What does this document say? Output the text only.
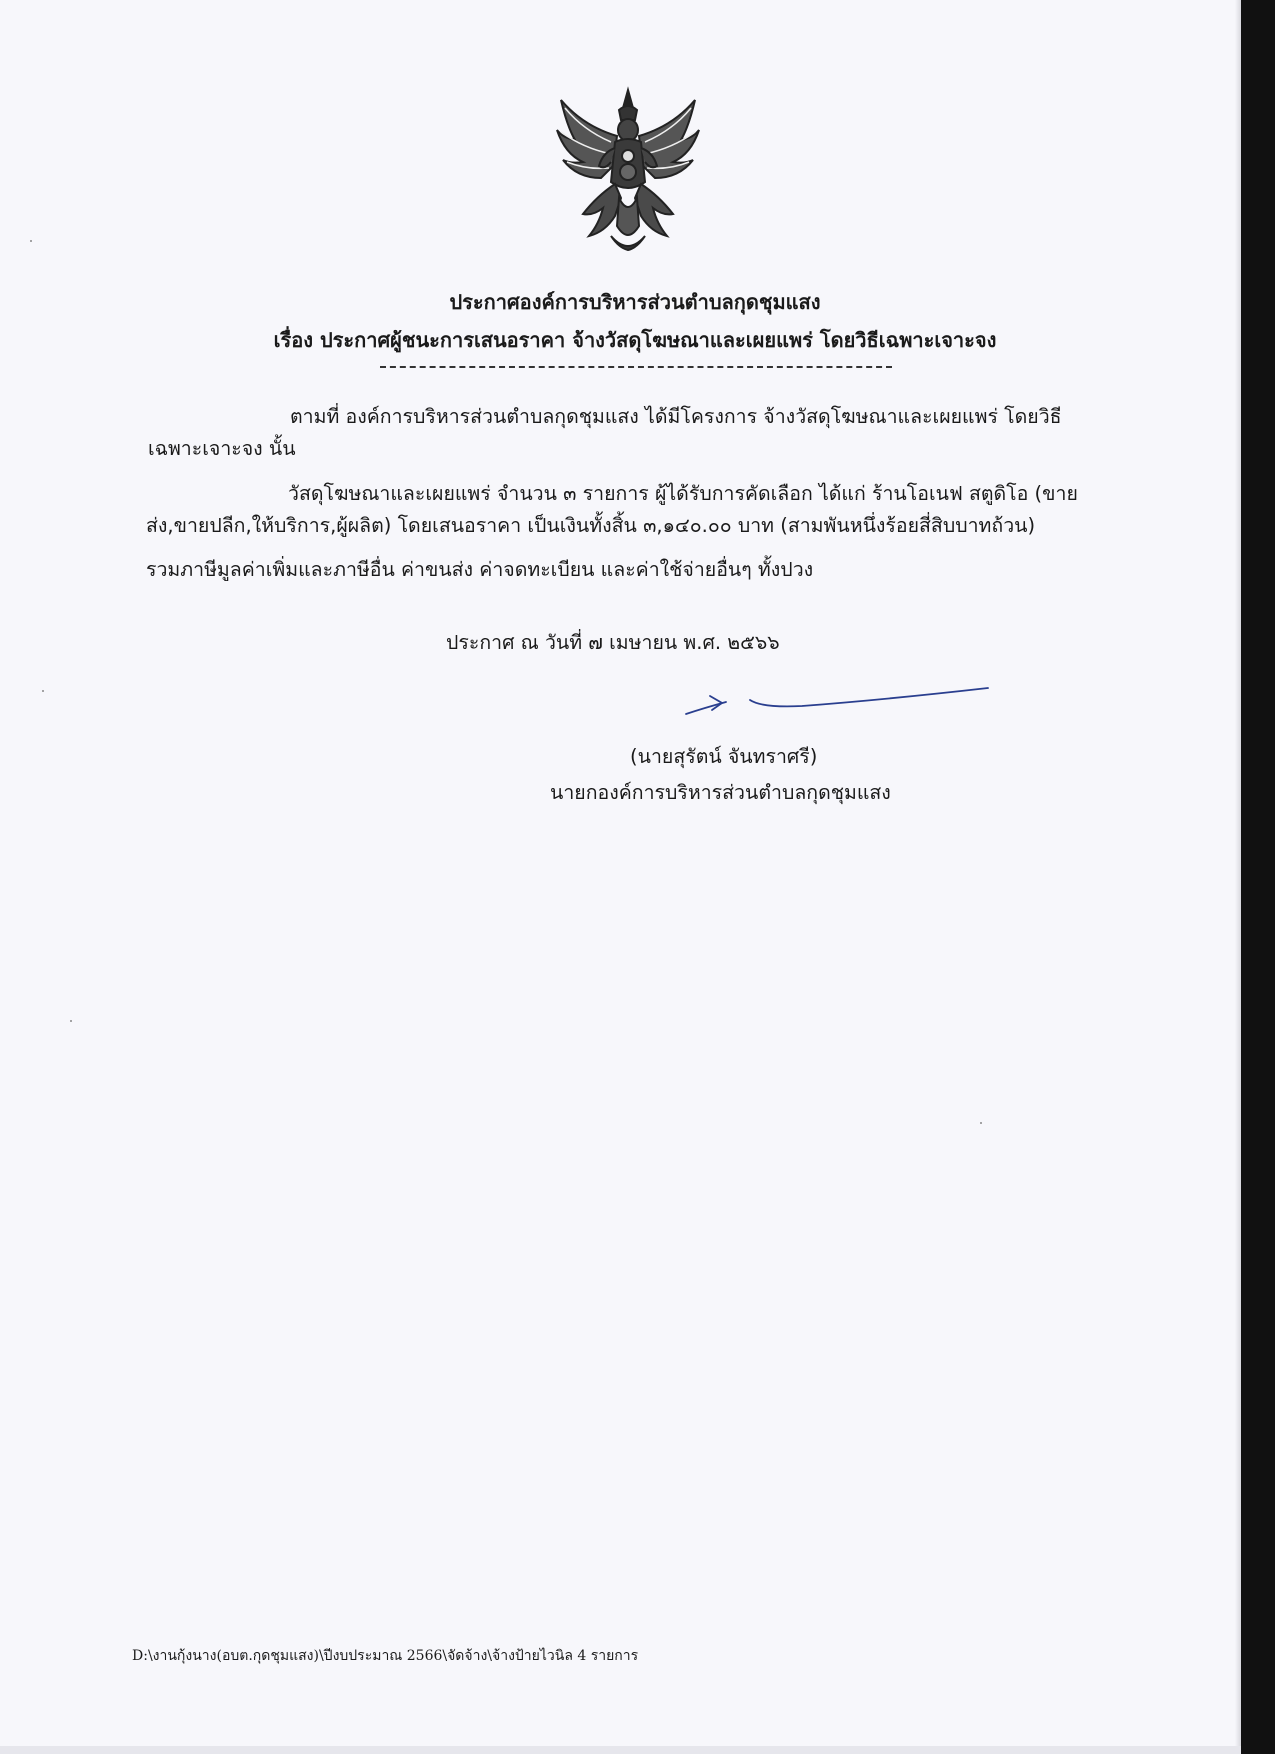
ประกาศองค์การบริหารส่วนตำบลกุดชุมแสง
เรื่อง ประกาศผู้ชนะการเสนอราคา จ้างวัสดุโฆษณาและเผยแพร่ โดยวิธีเฉพาะเจาะจง
ตามที่ องค์การบริหารส่วนตำบลกุดชุมแสง ได้มีโครงการ จ้างวัสดุโฆษณาและเผยแพร่ โดยวิธี
เฉพาะเจาะจง นั้น
วัสดุโฆษณาและเผยแพร่ จำนวน ๓ รายการ ผู้ได้รับการคัดเลือก ได้แก่ ร้านโอเนฟ สตูดิโอ (ขาย
ส่ง,ขายปลีก,ให้บริการ,ผู้ผลิต) โดยเสนอราคา เป็นเงินทั้งสิ้น ๓,๑๔๐.๐๐ บาท (สามพันหนึ่งร้อยสี่สิบบาทถ้วน)
รวมภาษีมูลค่าเพิ่มและภาษีอื่น ค่าขนส่ง ค่าจดทะเบียน และค่าใช้จ่ายอื่นๆ ทั้งปวง
ประกาศ ณ วันที่ ๗ เมษายน พ.ศ. ๒๕๖๖
(นายสุรัตน์ จันทราศรี)
นายกองค์การบริหารส่วนตำบลกุดชุมแสง
D:\งานกุ้งนาง(อบต.กุดชุมแสง)\ปีงบประมาณ 2566\จัดจ้าง\จ้างป้ายไวนิล 4 รายการ
